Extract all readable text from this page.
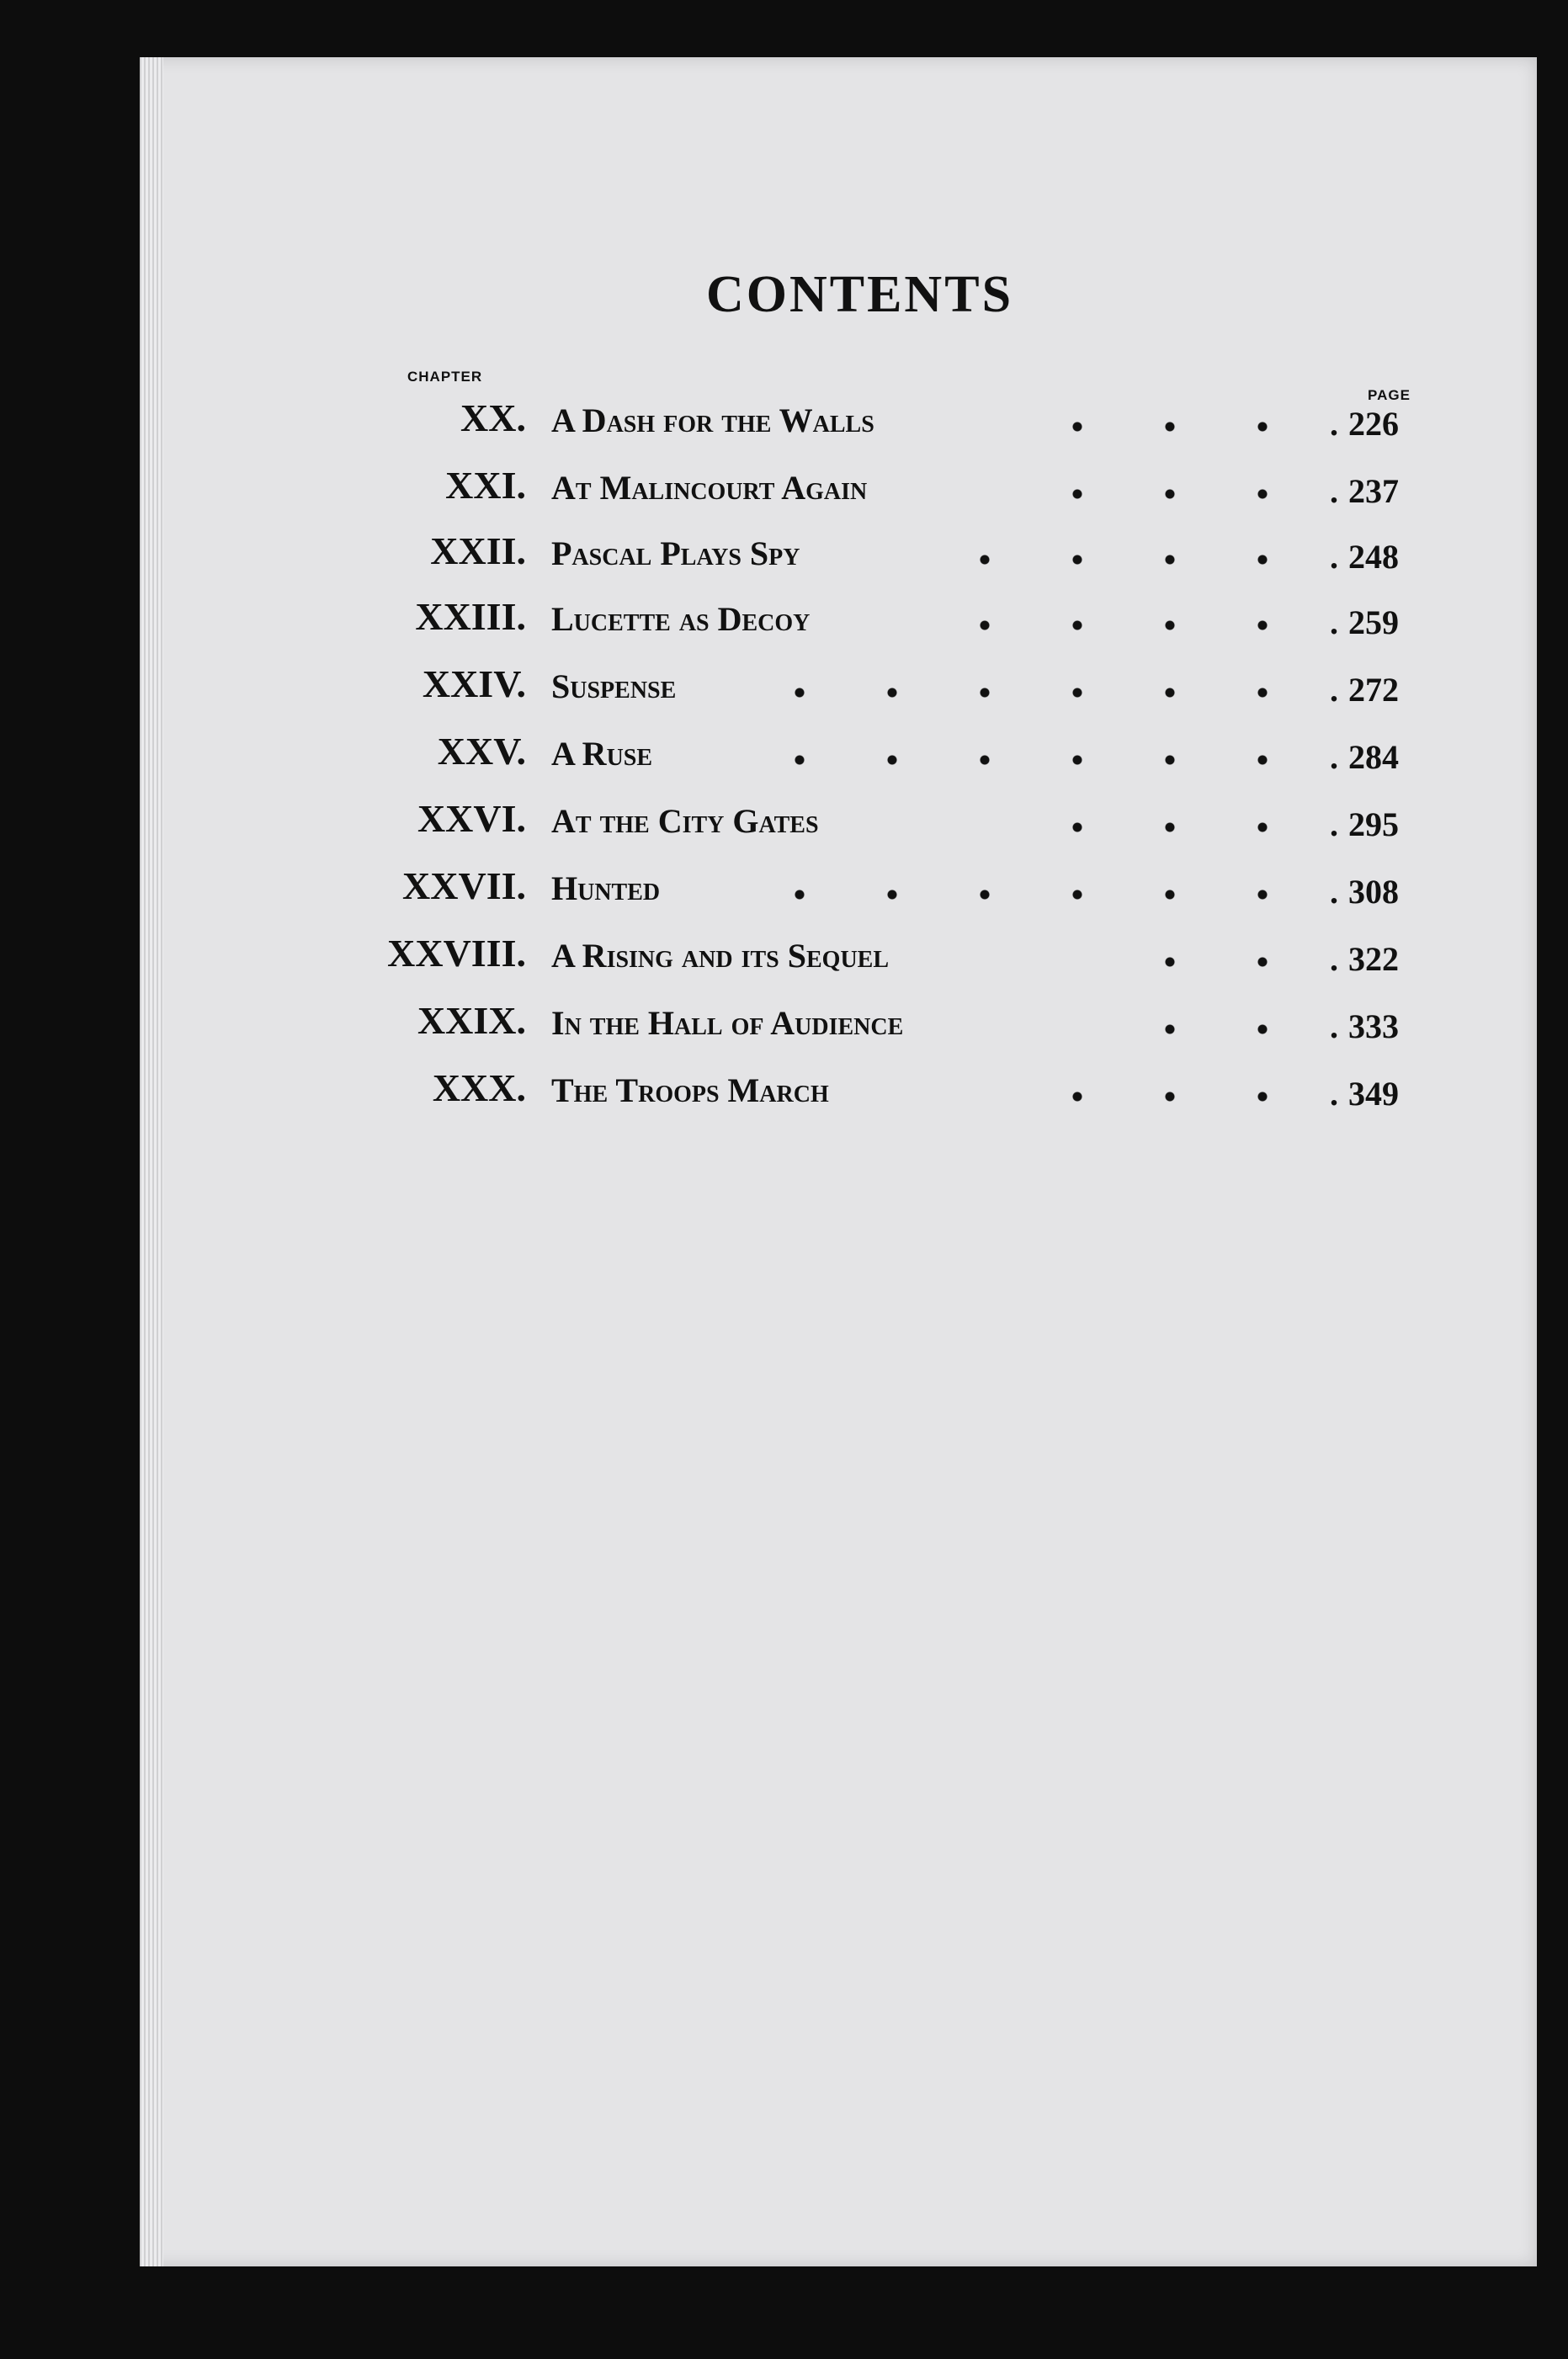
CONTENTS
CHAPTER
PAGE
XX. A Dash for the Walls	. 226
XXI. At Malincourt Again	. 237
XXII. Pascal Plays Spy	. 248
XXIII. Lucette as Decoy	. 259
XXIV. Suspense	. 272
XXV. A Ruse	. 284
XXVI. At the City Gates	. 295
XXVII. Hunted	. 308
XXVIII. A Rising and its Sequel	. 322
XXIX. In the Hall of Audience	. 333
XXX. The Troops March	. 349
